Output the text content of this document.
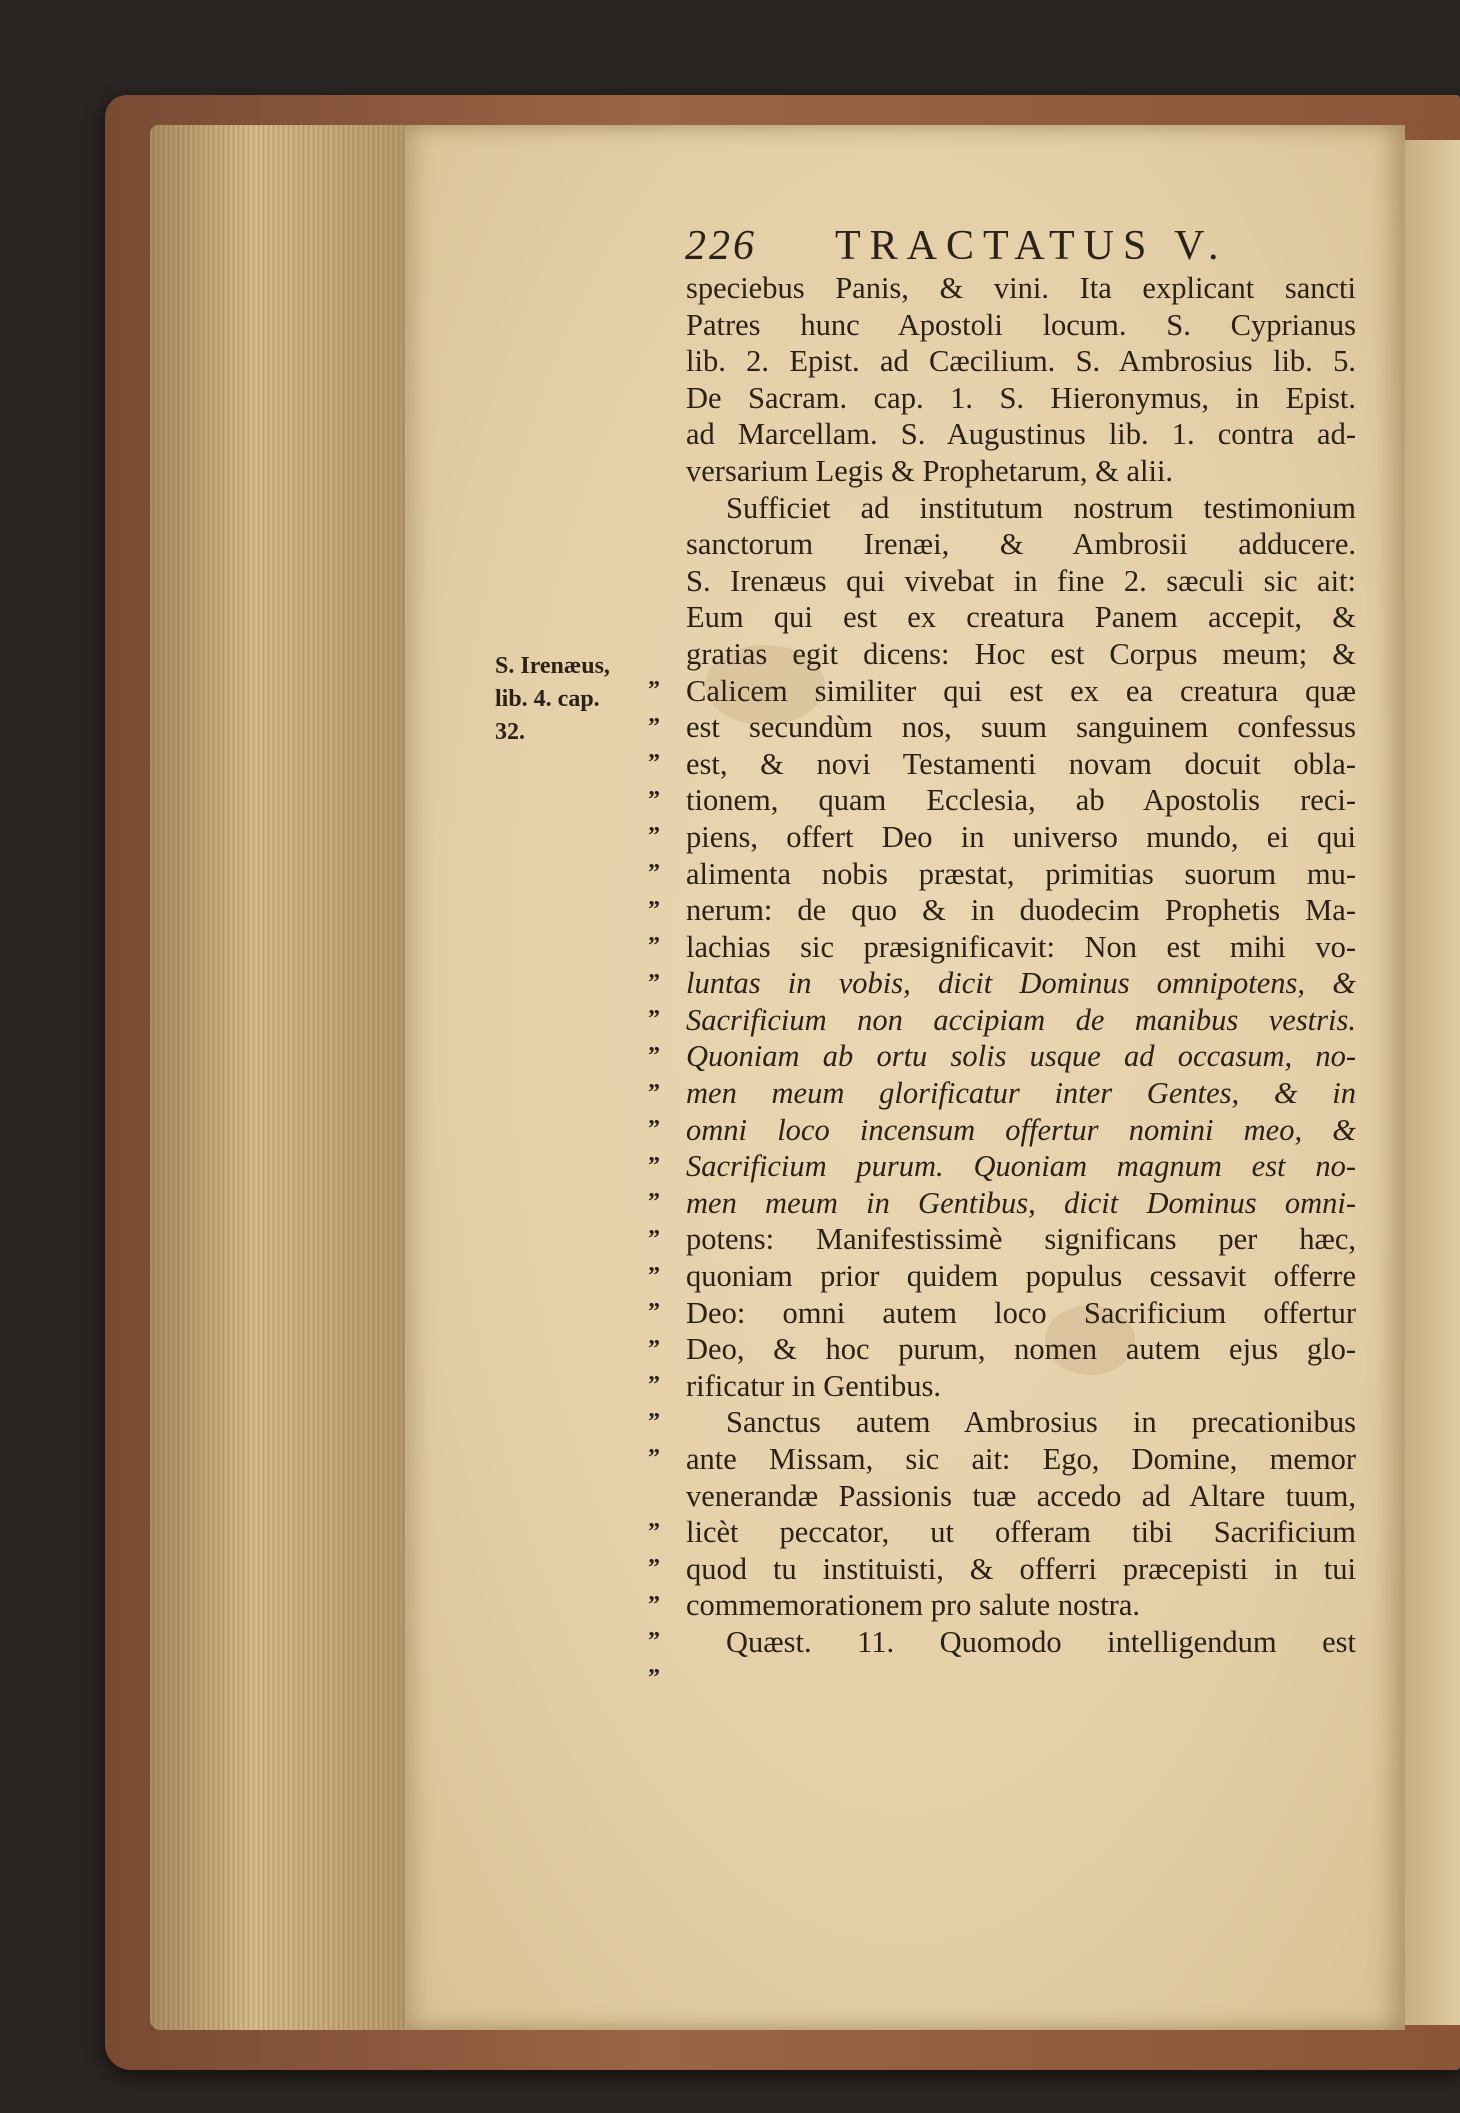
226 TRACTATUS V.
S. Irenæus,
lib. 4. cap.
32.
”
”
”
”
”
”
”
”
”
”
”
”
”
”
”
”
”
”
”
”
”
”
”
”
”
”
”
speciebus Panis, & vini. Ita explicant sancti
Patres hunc Apostoli locum. S. Cyprianus
lib. 2. Epist. ad Cæcilium. S. Ambrosius lib. 5.
De Sacram. cap. 1. S. Hieronymus, in Epist.
ad Marcellam. S. Augustinus lib. 1. contra ad-
versarium Legis & Prophetarum, & alii.
Sufficiet ad institutum nostrum testimonium
sanctorum Irenæi, & Ambrosii adducere.
S. Irenæus qui vivebat in fine 2. sæculi sic ait:
Eum qui est ex creatura Panem accepit, &
gratias egit dicens: Hoc est Corpus meum; &
Calicem similiter qui est ex ea creatura quæ
est secundùm nos, suum sanguinem confessus
est, & novi Testamenti novam docuit obla-
tionem, quam Ecclesia, ab Apostolis reci-
piens, offert Deo in universo mundo, ei qui
alimenta nobis præstat, primitias suorum mu-
nerum: de quo & in duodecim Prophetis Ma-
lachias sic præsignificavit: Non est mihi vo-
luntas in vobis, dicit Dominus omnipotens, &
Sacrificium non accipiam de manibus vestris.
Quoniam ab ortu solis usque ad occasum, no-
men meum glorificatur inter Gentes, & in
omni loco incensum offertur nomini meo, &
Sacrificium purum. Quoniam magnum est no-
men meum in Gentibus, dicit Dominus omni-
potens: Manifestissimè significans per hæc,
quoniam prior quidem populus cessavit offerre
Deo: omni autem loco Sacrificium offertur
Deo, & hoc purum, nomen autem ejus glo-
rificatur in Gentibus.
Sanctus autem Ambrosius in precationibus
ante Missam, sic ait: Ego, Domine, memor
venerandæ Passionis tuæ accedo ad Altare tuum,
licèt peccator, ut offeram tibi Sacrificium
quod tu instituisti, & offerri præcepisti in tui
commemorationem pro salute nostra.
Quæst. 11. Quomodo intelligendum est
